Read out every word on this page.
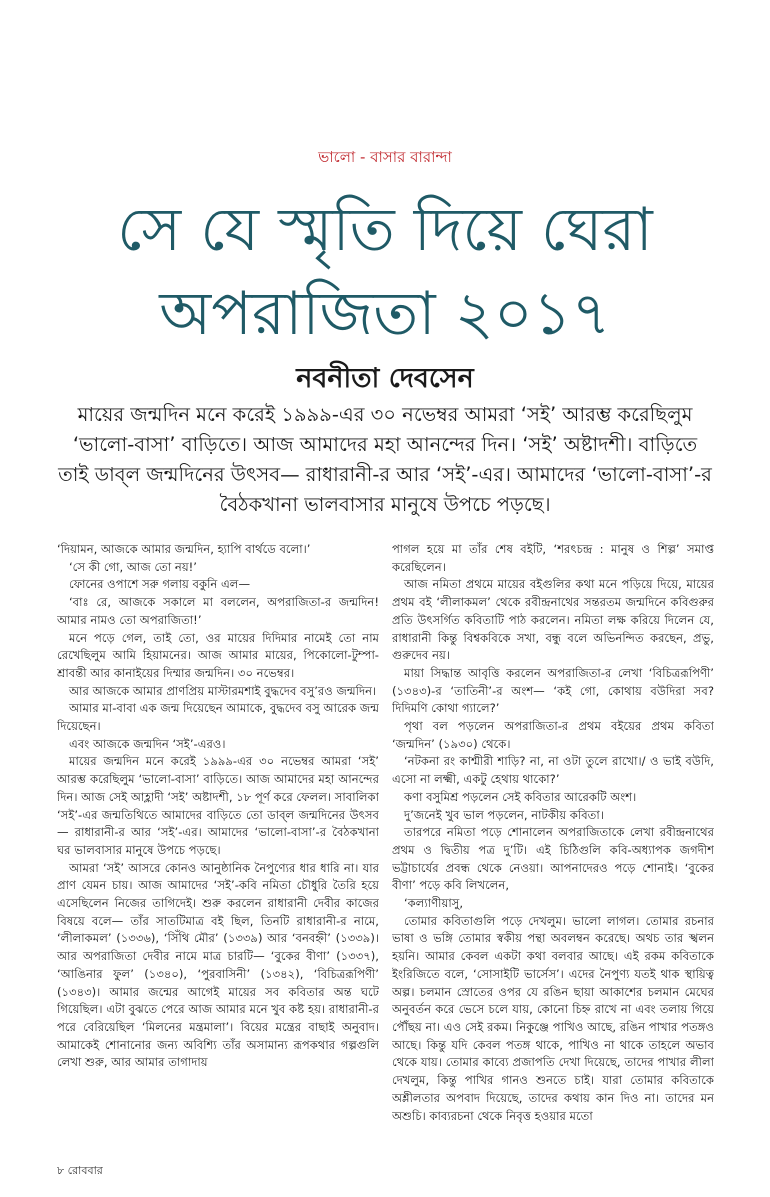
ভালো - বাসার বারান্দা
সে যে স্মৃতি দিয়ে ঘেরা
অপরাজিতা ২০১৭
নবনীতা দেবসেন

মায়ের জন্মদিন মনে করেই ১৯৯৯-এর ৩০ নভেম্বর আমরা ‘সই’ আরম্ভ করেছিলুম ‘ভালো-বাসা’ বাড়িতে। আজ আমাদের মহা আনন্দের দিন। ‘সই’ অষ্টাদশী। বাড়িতে তাই ডাব্‌ল জন্মদিনের উৎসব— রাধারানী-র আর ‘সই’-এর। আমাদের ‘ভালো-বাসা’-র বৈঠকখানা ভালবাসার মানুষে উপচে পড়ছে।

‘দিয়ামন, আজকে আমার জন্মদিন, হ্যাপি বার্থডে বলো।’

‘সে কী গো, আজ তো নয়!’

ফোনের ওপাশে সরু গলায় বকুনি এল—

‘বাঃ রে, আজকে সকালে মা বললেন, অপরাজিতা-র জন্মদিন! আমার নামও তো অপরাজিতা!’

মনে পড়ে গেল, তাই তো, ওর মায়ের দিদিমার নামেই তো নাম রেখেছিলুম আমি হিয়ামনের। আজ আমার মায়ের, পিকোলো-টুম্পা-শ্রাবন্তী আর কানাইয়ের দিম্মার জন্মদিন। ৩০ নভেম্বর।

আর আজকে আমার প্রাণপ্রিয় মাস্টারমশাই বুদ্ধদেব বসু’রও জন্মদিন।

আমার মা-বাবা এক জন্ম দিয়েছেন আমাকে, বুদ্ধদেব বসু আরেক জন্ম দিয়েছেন।

এবং আজকে জন্মদিন ‘সই’-এরও।

মায়ের জন্মদিন মনে করেই ১৯৯৯-এর ৩০ নভেম্বর আমরা ‘সই’ আরম্ভ করেছিলুম ‘ভালো-বাসা’ বাড়িতে। আজ আমাদের মহা আনন্দের দিন। আজ সেই আহ্লাদী ‘সই’ অষ্টাদশী, ১৮ পূর্ণ করে ফেলল। সাবালিকা ‘সই’-এর জন্মতিথিতে আমাদের বাড়িতে তো ডাব্‌ল জন্মদিনের উৎসব— রাধারানী-র আর ‘সই’-এর। আমাদের ‘ভালো-বাসা’-র বৈঠকখানা ঘর ভালবাসার মানুষে উপচে পড়ছে।

আমরা ‘সই’ আসরে কোনও আনুষ্ঠানিক নৈপুণ্যের ধার ধারি না। যার প্রাণ যেমন চায়। আজ আমাদের ‘সই’-কবি নমিতা চৌধুরি তৈরি হয়ে এসেছিলেন নিজের তাগিদেই। শুরু করলেন রাধারানী দেবীর কাজের বিষয়ে বলে— তাঁর সাতটিমাত্র বই ছিল, তিনটি রাধারানী-র নামে, ‘লীলাকমল’ (১৩৩৬), ‘সিঁথি মৌর’ (১৩৩৯) আর ‘বনবহ্নী’ (১৩৩৯)। আর অপরাজিতা দেবীর নামে মাত্র চারটি— ‘বুকের বীণা’ (১৩৩৭), ‘আঙিনার ফুল’ (১৩৪০), ‘পুরবাসিনী’ (১৩৪২), ‘বিচিত্ররূপিণী’ (১৩৪৩)। আমার জন্মের আগেই মায়ের সব কবিতার অন্ত ঘটে গিয়েছিল। এটা বুঝতে পেরে আজ আমার মনে খুব কষ্ট হয়। রাধারানী-র পরে বেরিয়েছিল ‘মিলনের মন্ত্রমালা’। বিয়ের মন্ত্রের বাছাই অনুবাদ। আমাকেই শোনানোর জন্য অবিশ্যি তাঁর অসামান্য রূপকথার গল্পগুলি লেখা শুরু, আর আমার তাগাদায়

পাগল হয়ে মা তাঁর শেষ বইটি, ‘শরৎচন্দ্র : মানুষ ও শিল্প’ সমাপ্ত করেছিলেন।

আজ নমিতা প্রথমে মায়ের বইগুলির কথা মনে পড়িয়ে দিয়ে, মায়ের প্রথম বই ‘লীলাকমল’ থেকে রবীন্দ্রনাথের সন্তরতম জন্মদিনে কবিগুরুর প্রতি উৎসর্গিত কবিতাটি পাঠ করলেন। নমিতা লক্ষ করিয়ে দিলেন যে, রাধারানী কিন্তু বিশ্বকবিকে সখা, বন্ধু বলে অভিনন্দিত করছেন, প্রভু, গুরুদেব নয়।

মায়া সিদ্ধান্ত আবৃত্তি করলেন অপরাজিতা-র লেখা ‘বিচিত্ররূপিণী’ (১৩৪৩)-র ‘তাতিনী’-র অংশ— ‘কই গো, কোথায় বউদিরা সব? দিদিমণি কোথা গ্যালে?’

পৃথা বল পড়লেন অপরাজিতা-র প্রথম বইয়ের প্রথম কবিতা ‘জন্মদিন’ (১৯৩০) থেকে।

‘নটকনা রং কাশ্মীরী শাড়ি? না, না ওটা তুলে রাখো।/ ও ভাই বউদি, এসো না লক্ষ্মী, একটু হেথায় থাকো?’

কণা বসুমিশ্র পড়লেন সেই কবিতার আরেকটি অংশ।

দু’জনেই খুব ভাল পড়লেন, নাটকীয় কবিতা।

তারপরে নমিতা পড়ে শোনালেন অপরাজিতাকে লেখা রবীন্দ্রনাথের প্রথম ও দ্বিতীয় পত্র দু’টি। এই চিঠিগুলি কবি-অধ্যাপক জগদীশ ভট্টাচার্যের প্রবন্ধ থেকে নেওয়া। আপনাদেরও পড়ে শোনাই। ‘বুকের বীণা’ পড়ে কবি লিখলেন,

‘কল্যাণীয়াসু,

তোমার কবিতাগুলি পড়ে দেখলুম। ভালো লাগল। তোমার রচনার ভাষা ও ভঙ্গি তোমার স্বকীয় পন্থা অবলম্বন করেছে। অথচ তার স্খলন হয়নি। আমার কেবল একটা কথা বলবার আছে। এই রকম কবিতাকে ইংরিজিতে বলে, ‘সোসাইটি ভার্সেস’। এদের নৈপুণ্য যতই থাক স্থায়িত্ব অল্প। চলমান স্রোতের ওপর যে রঙিন ছায়া আকাশের চলমান মেঘের অনুবর্তন করে ভেসে চলে যায়, কোনো চিহ্ন রাখে না এবং তলায় গিয়ে পৌঁছয় না। এও সেই রকম। নিকুঞ্জে পাখিও আছে, রঙিন পাখার পতঙ্গও আছে। কিন্তু যদি কেবল পতঙ্গ থাকে, পাখিও না থাকে তাহলে অভাব থেকে যায়। তোমার কাব্যে প্রজাপতি দেখা দিয়েছে, তাদের পাখার লীলা দেখলুম, কিন্তু পাখির গানও শুনতে চাই। যারা তোমার কবিতাকে অশ্লীলতার অপবাদ দিয়েছে, তাদের কথায় কান দিও না। তাদের মন অশুচি। কাব্যরচনা থেকে নিবৃত্ত হওয়ার মতো

৮ রোববার
